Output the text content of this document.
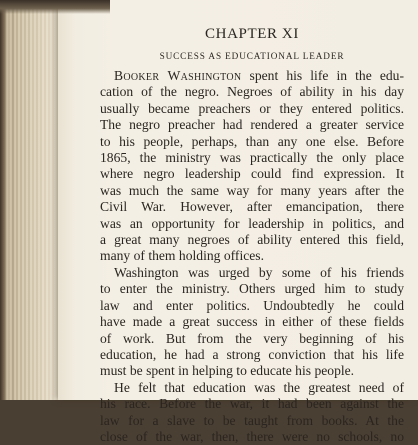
CHAPTER XI
SUCCESS AS EDUCATIONAL LEADER

Booker Washington spent his life in the edu-
cation of the negro. Negroes of ability in his day
usually became preachers or they entered politics.
The negro preacher had rendered a greater service
to his people, perhaps, than any one else. Before
1865, the ministry was practically the only place
where negro leadership could find expression. It
was much the same way for many years after the
Civil War. However, after emancipation, there
was an opportunity for leadership in politics, and
a great many negroes of ability entered this field,
many of them holding offices.

Washington was urged by some of his friends
to enter the ministry. Others urged him to study
law and enter politics. Undoubtedly he could
have made a great success in either of these fields
of work. But from the very beginning of his
education, he had a strong conviction that his life
must be spent in helping to educate his people.

He felt that education was the greatest need of
his race. Before the war, it had been against the
law for a slave to be taught from books. At the
close of the war, then, there were no schools, no
